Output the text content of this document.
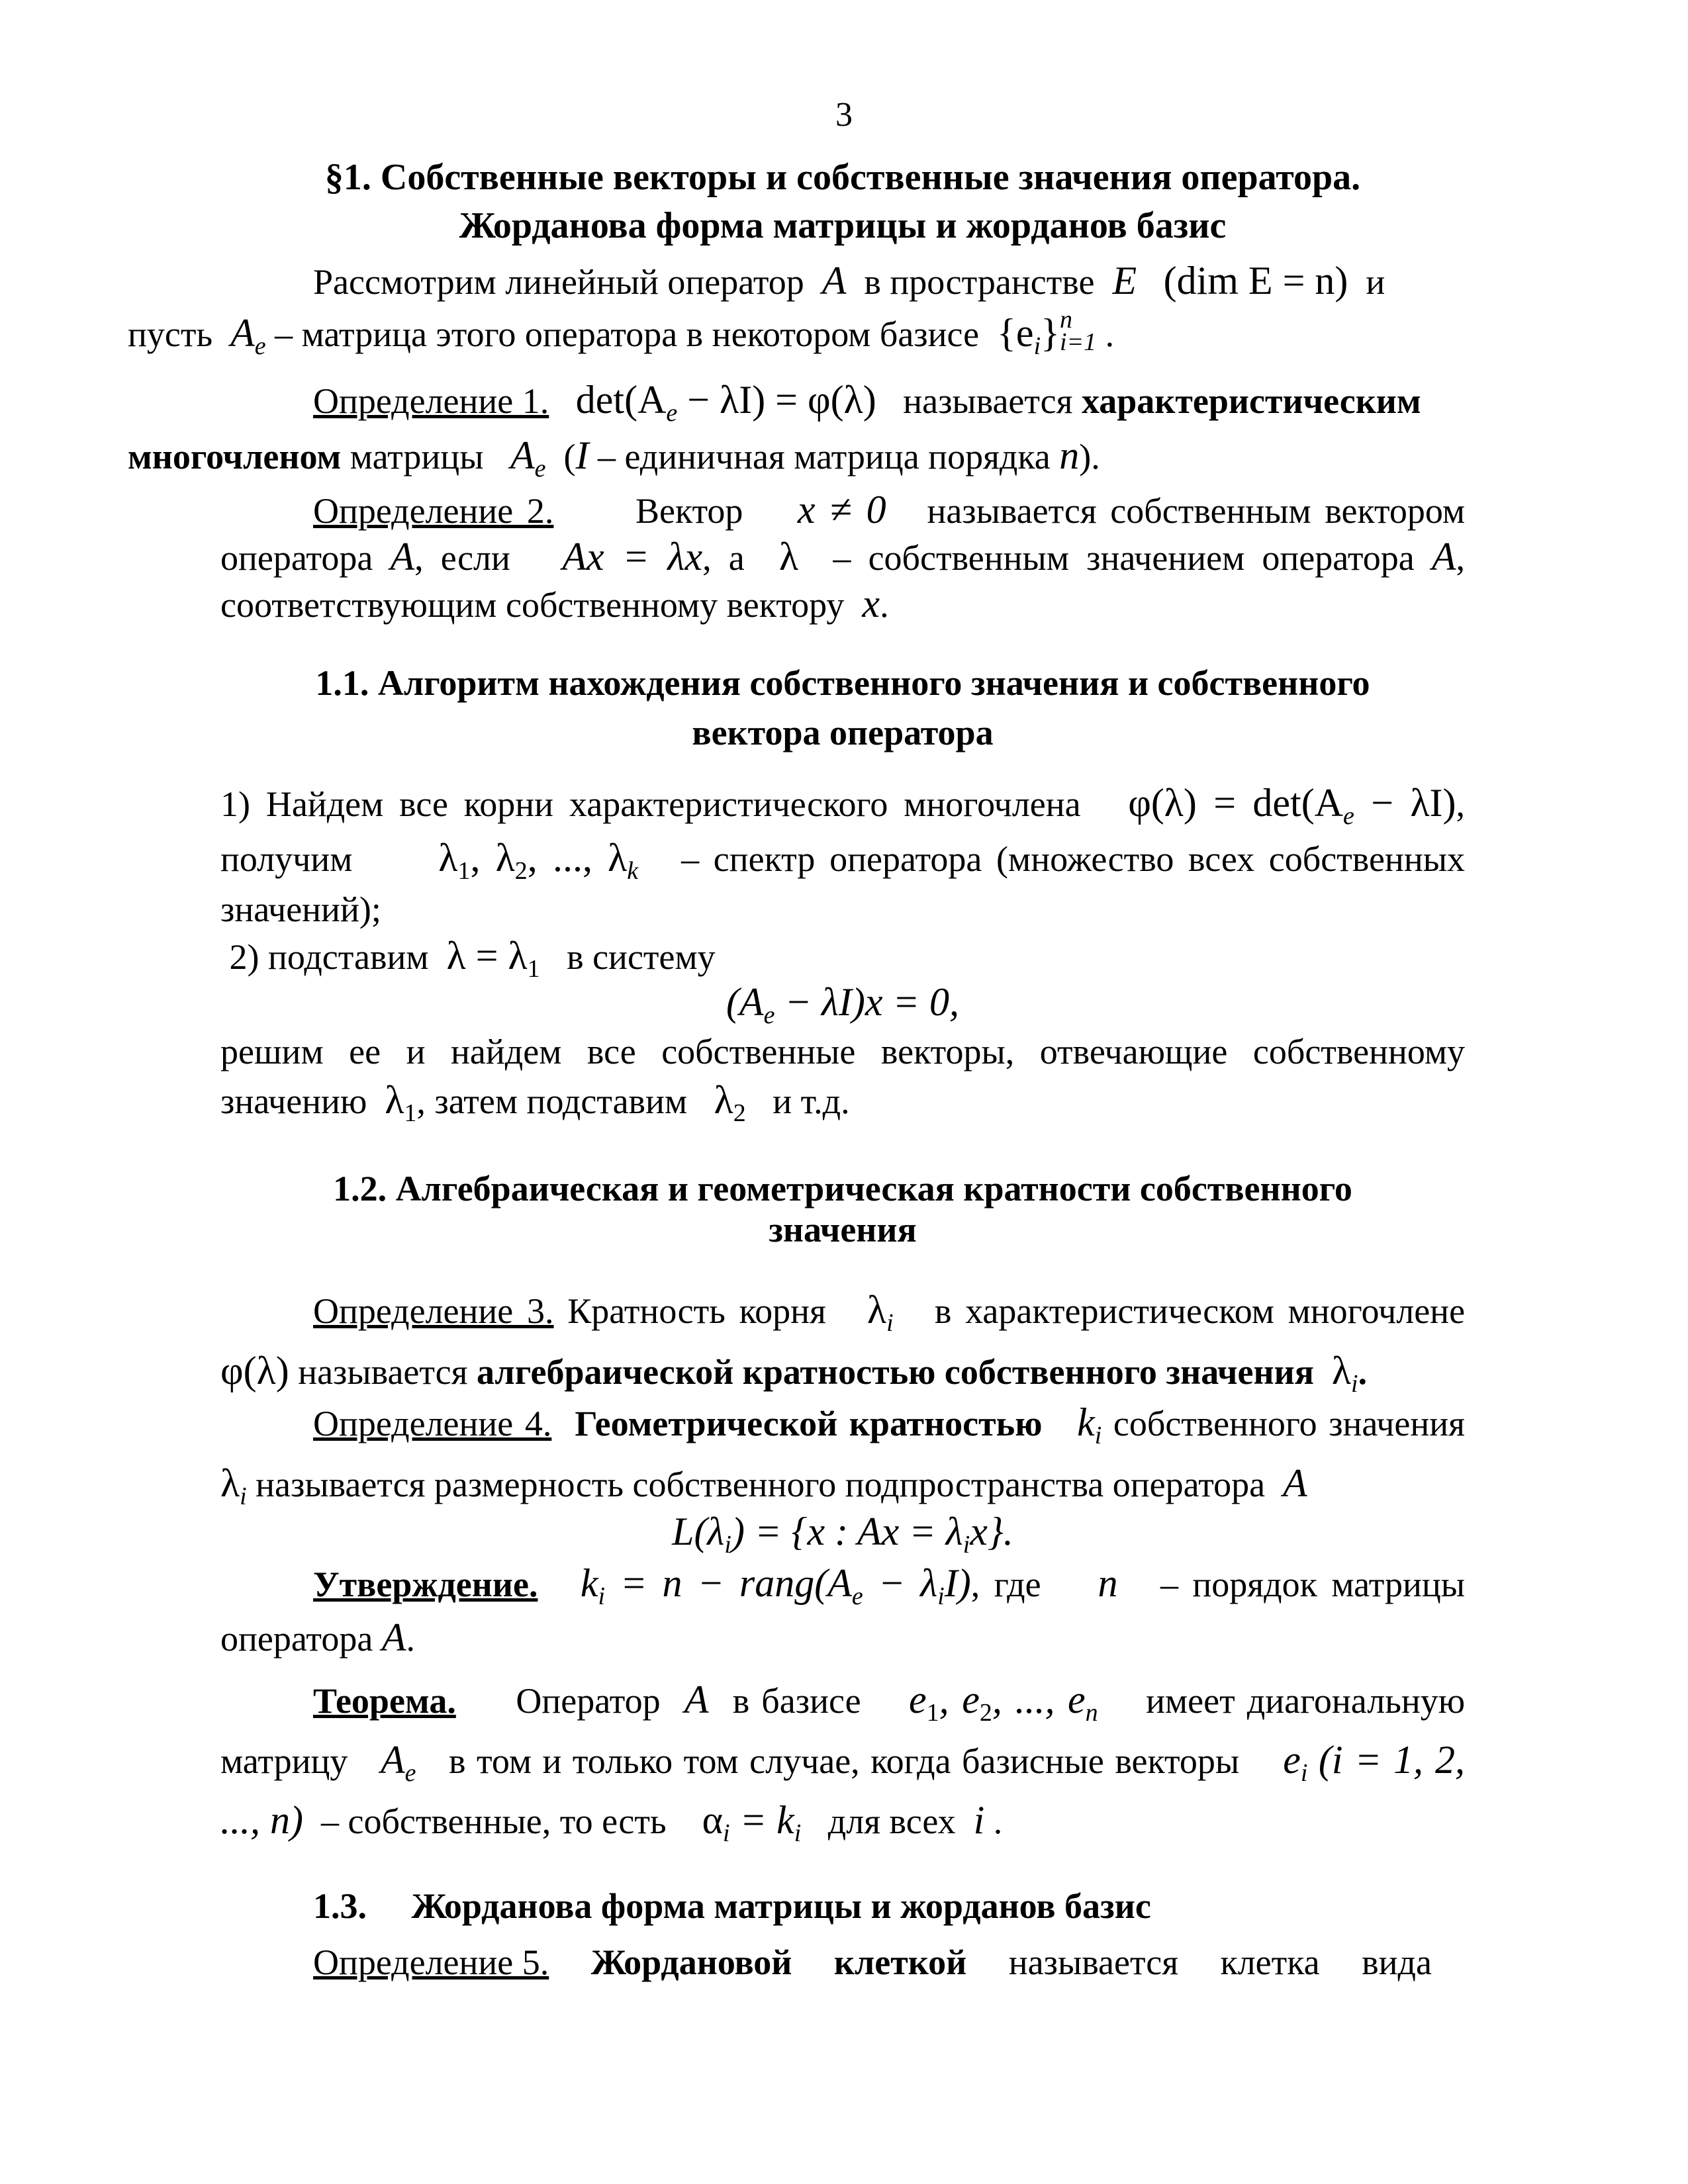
3
§1. Собственные векторы и собственные значения оператора.
Жорданова форма матрицы и жорданов базис
Рассмотрим линейный оператор A в пространстве E (dim E = n) и
пусть $A_e$ – матрица этого оператора в некотором базисе $\{e_i\}$ n
i=1 .
Определение 1. $\det(A_e - \lambda I) = \varphi(\lambda)$ называется характеристическим
многочленом матрицы $A_e$ (I – единичная матрица порядка n).
Определение 2. Вектор x ≠ 0 называется собственным вектором оператора A, если Ax = λx, а λ – собственным значением оператора A, соответствующим собственному вектору x.
1.1. Алгоритм нахождения собственного значения и собственного
вектора оператора
1) Найдем все корни характеристического многочлена $\varphi(\lambda) = \det(A_e - \lambda I)$, получим $\lambda_1$, $\lambda_2$, ..., $\lambda_k$ – спектр оператора (множество всех собственных значений);
2) подставим $\lambda = \lambda_1$ в систему
$(A_e - \lambda I)x = 0$,
решим ее и найдем все собственные векторы, отвечающие собственному значению $\lambda_1$, затем подставим $\lambda_2$ и т.д.
1.2. Алгебраическая и геометрическая кратности собственного
значения
Определение 3. Кратность корня $\lambda_i$ в характеристическом многочлене φ(λ) называется алгебраической кратностью собственного значения $\lambda_i$.
Определение 4. Геометрической кратностью $k_i$ собственного значения $\lambda_i$ называется размерность собственного подпространства оператора A
$L(\lambda_i) = \{x$ : $Ax = \lambda_ix$}.
Утверждение. $k_i = n$ − $rang(A_e - \lambda_iI)$, где n – порядок матрицы оператора A.
Теорема. Оператор A в базисе $e_1$, $e_2$, ..., $e_n$ имеет диагональную матрицу $A_e$ в том и только том случае, когда базисные векторы $e_i$ (i = 1, 2, ..., n) – собственные, то есть $\alpha_i = k_i$ для всех i .
1.3. Жорданова форма матрицы и жорданов базис
Определение 5. Жордановой клеткой называется клетка вида
